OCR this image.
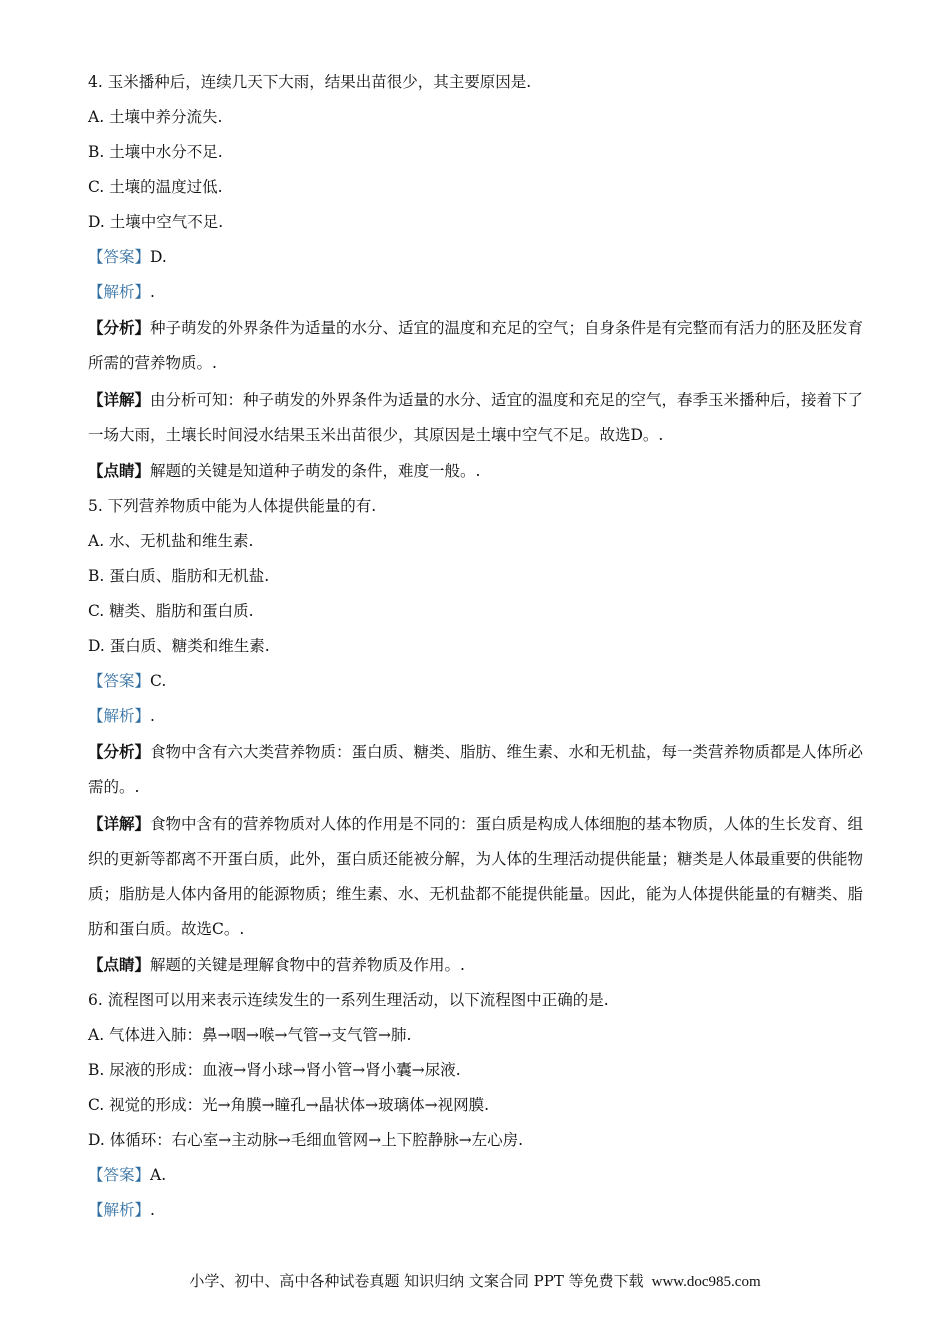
4. 玉米播种后，连续几天下大雨，结果出苗很少，其主要原因是.
A. 土壤中养分流失.
B. 土壤中水分不足.
C. 土壤的温度过低.
D. 土壤中空气不足.
【答案】D.
【解析】.
【分析】种子萌发的外界条件为适量的水分、适宜的温度和充足的空气；自身条件是有完整而有活力的胚及胚发育所需的营养物质。.
【详解】由分析可知：种子萌发的外界条件为适量的水分、适宜的温度和充足的空气，春季玉米播种后，接着下了一场大雨，土壤长时间浸水结果玉米出苗很少，其原因是土壤中空气不足。故选D。.
【点睛】解题的关键是知道种子萌发的条件，难度一般。.
5. 下列营养物质中能为人体提供能量的有.
A. 水、无机盐和维生素.
B. 蛋白质、脂肪和无机盐.
C. 糖类、脂肪和蛋白质.
D. 蛋白质、糖类和维生素.
【答案】C.
【解析】.
【分析】食物中含有六大类营养物质：蛋白质、糖类、脂肪、维生素、水和无机盐，每一类营养物质都是人体所必需的。.
【详解】食物中含有的营养物质对人体的作用是不同的：蛋白质是构成人体细胞的基本物质，人体的生长发育、组织的更新等都离不开蛋白质，此外，蛋白质还能被分解，为人体的生理活动提供能量；糖类是人体最重要的供能物质；脂肪是人体内备用的能源物质；维生素、水、无机盐都不能提供能量。因此，能为人体提供能量的有糖类、脂肪和蛋白质。故选C。.
【点睛】解题的关键是理解食物中的营养物质及作用。.
6. 流程图可以用来表示连续发生的一系列生理活动，以下流程图中正确的是.
A. 气体进入肺：鼻→咽→喉→气管→支气管→肺.
B. 尿液的形成：血液→肾小球→肾小管→肾小囊→尿液.
C. 视觉的形成：光→角膜→瞳孔→晶状体→玻璃体→视网膜.
D. 体循环：右心室→主动脉→毛细血管网→上下腔静脉→左心房.
【答案】A.
【解析】.
小学、初中、高中各种试卷真题 知识归纳 文案合同 PPT 等免费下载 www.doc985.com
